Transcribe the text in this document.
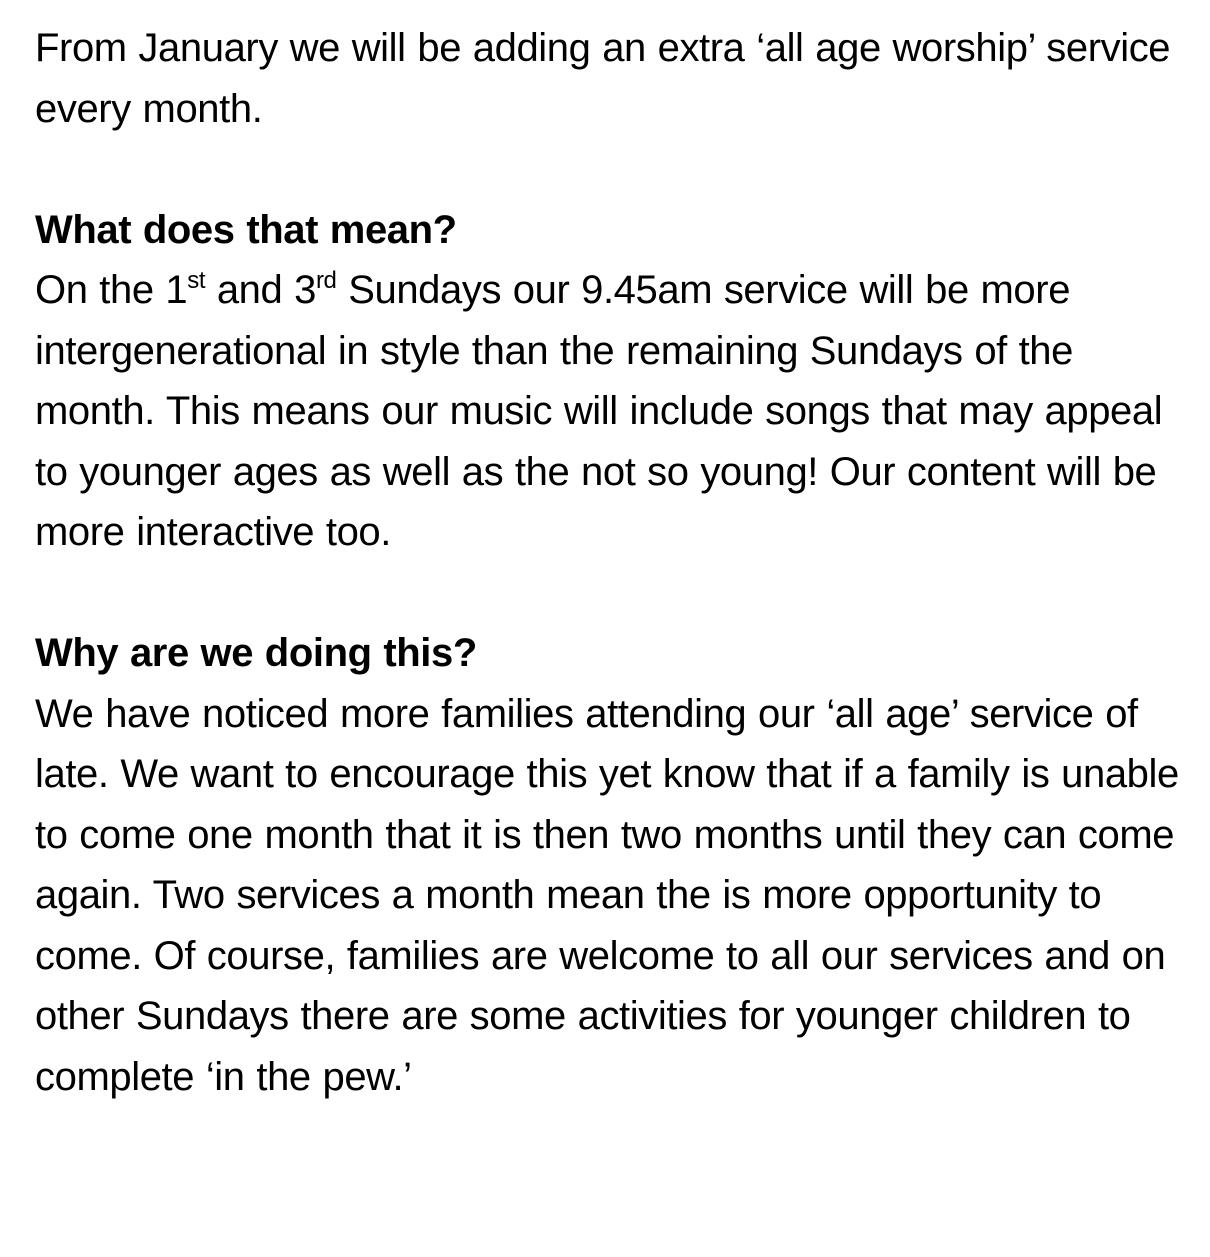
From January we will be adding an extra ‘all age worship’ service every month.

What does that mean?

On the 1st and 3rd Sundays our 9.45am service will be more intergenerational in style than the remaining Sundays of the month. This means our music will include songs that may appeal to younger ages as well as the not so young! Our content will be more interactive too.

Why are we doing this?

We have noticed more families attending our ‘all age’ service of late. We want to encourage this yet know that if a family is unable to come one month that it is then two months until they can come again. Two services a month mean the is more opportunity to come. Of course, families are welcome to all our services and on other Sundays there are some activities for younger children to complete ‘in the pew.’
